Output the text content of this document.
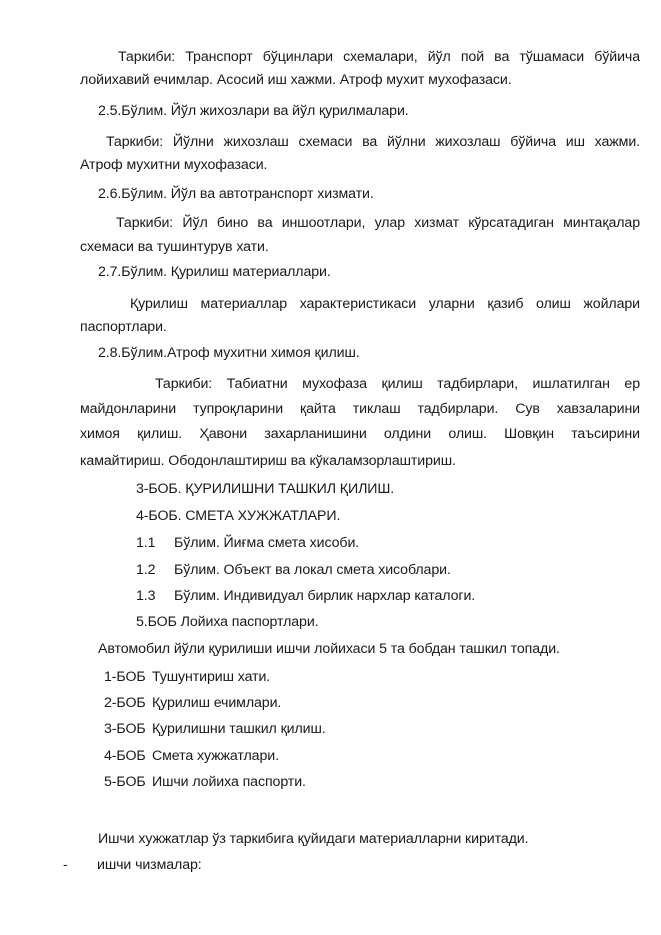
Таркиби: Транспорт бўцинлари схемалари, йўл пой ва тўшамаси бўйича
лойихавий ечимлар. Асосий иш хажми. Атроф мухит мухофазаси.
2.5.Бўлим. Йўл жихозлари ва йўл қурилмалари.
Таркиби: Йўлни жихозлаш схемаси ва йўлни жихозлаш бўйича иш хажми.
Атроф мухитни мухофазаси.
2.6.Бўлим. Йўл ва автотранспорт хизмати.
Таркиби: Йўл бино ва иншоотлари, улар хизмат кўрсатадиган минтақалар
схемаси ва тушинтурув хати.
2.7.Бўлим. Қурилиш материаллари.
Қурилиш материаллар характеристикаси уларни қазиб олиш жойлари
паспортлари.
2.8.Бўлим.Атроф мухитни химоя қилиш.
Таркиби: Табиатни мухофаза қилиш тадбирлари, ишлатилган ер
майдонларини тупроқларини қайта тиклаш тадбирлари. Сув хавзаларини
химоя қилиш. Ҳавони захарланишини олдини олиш. Шовқин таъсирини
камайтириш. Ободонлаштириш ва кўкаламзорлаштириш.
3-БОБ. ҚУРИЛИШНИ ТАШКИЛ ҚИЛИШ.
4-БОБ. СМЕТА ХУЖЖАТЛАРИ.
1.1 Бўлим. Йиғма смета хисоби.
1.2 Бўлим. Объект ва локал смета хисоблари.
1.3 Бўлим. Индивидуал бирлик нархлар каталоги.
5.БОБ Лойиха паспортлари.
Автомобил йўли қурилиши ишчи лойихаси 5 та бобдан ташкил топади.
1-БОБ Тушунтириш хати.
2-БОБ Қурилиш ечимлари.
3-БОБ Қурилишни ташкил қилиш.
4-БОБ Смета хужжатлари.
5-БОБ Ишчи лойиха паспорти.
Ишчи хужжатлар ўз таркибига қуйидаги материалларни киритади.
- ишчи чизмалар:
